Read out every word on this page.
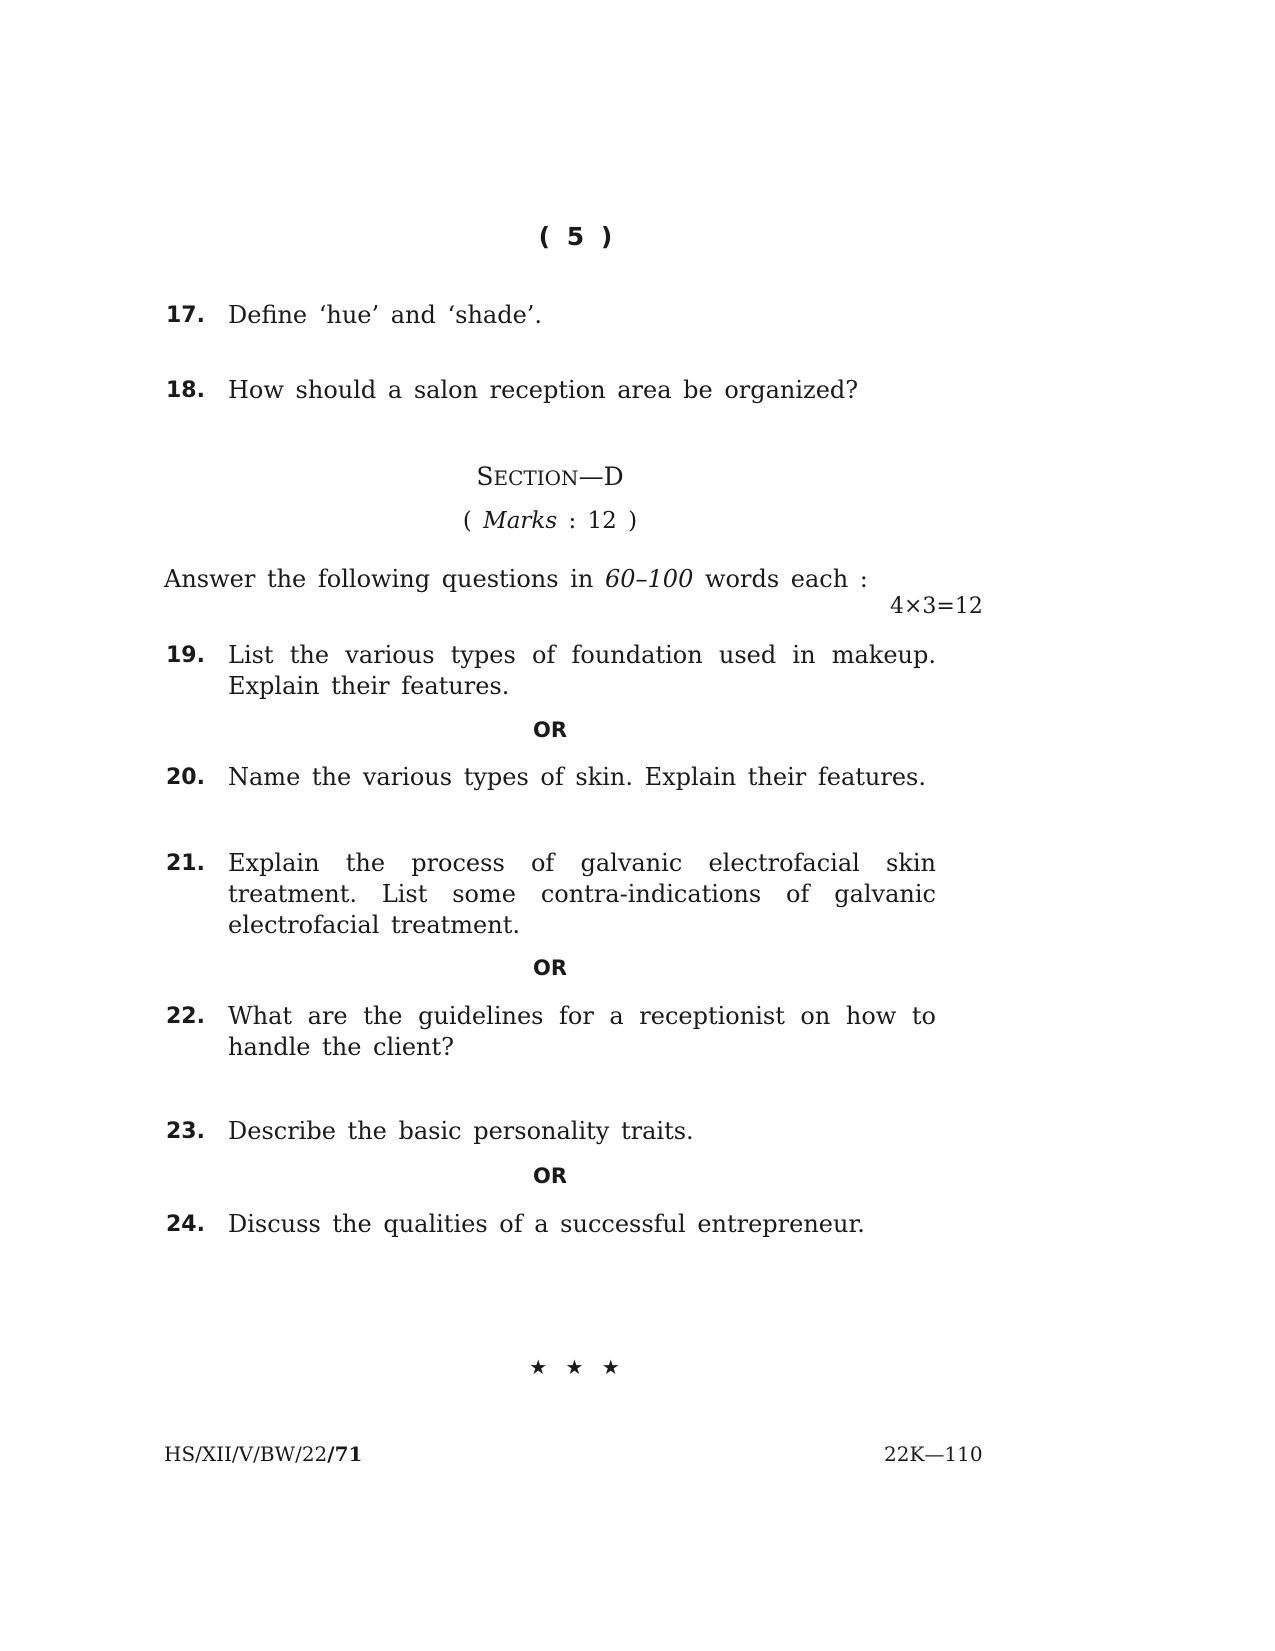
( 5 )
17. Define ‘hue’ and ‘shade’.
18. How should a salon reception area be organized?
SECTION—D
( Marks : 12 )
Answer the following questions in 60–100 words each :
4×3=12
19. List the various types of foundation used in makeup. Explain their features.
OR
20. Name the various types of skin. Explain their features.
21. Explain the process of galvanic electrofacial skin treatment. List some contra-indications of galvanic electrofacial treatment.
OR
22. What are the guidelines for a receptionist on how to handle the client?
23. Describe the basic personality traits.
OR
24. Discuss the qualities of a successful entrepreneur.
★ ★ ★
HS/XII/V/BW/22/71	22K—110
